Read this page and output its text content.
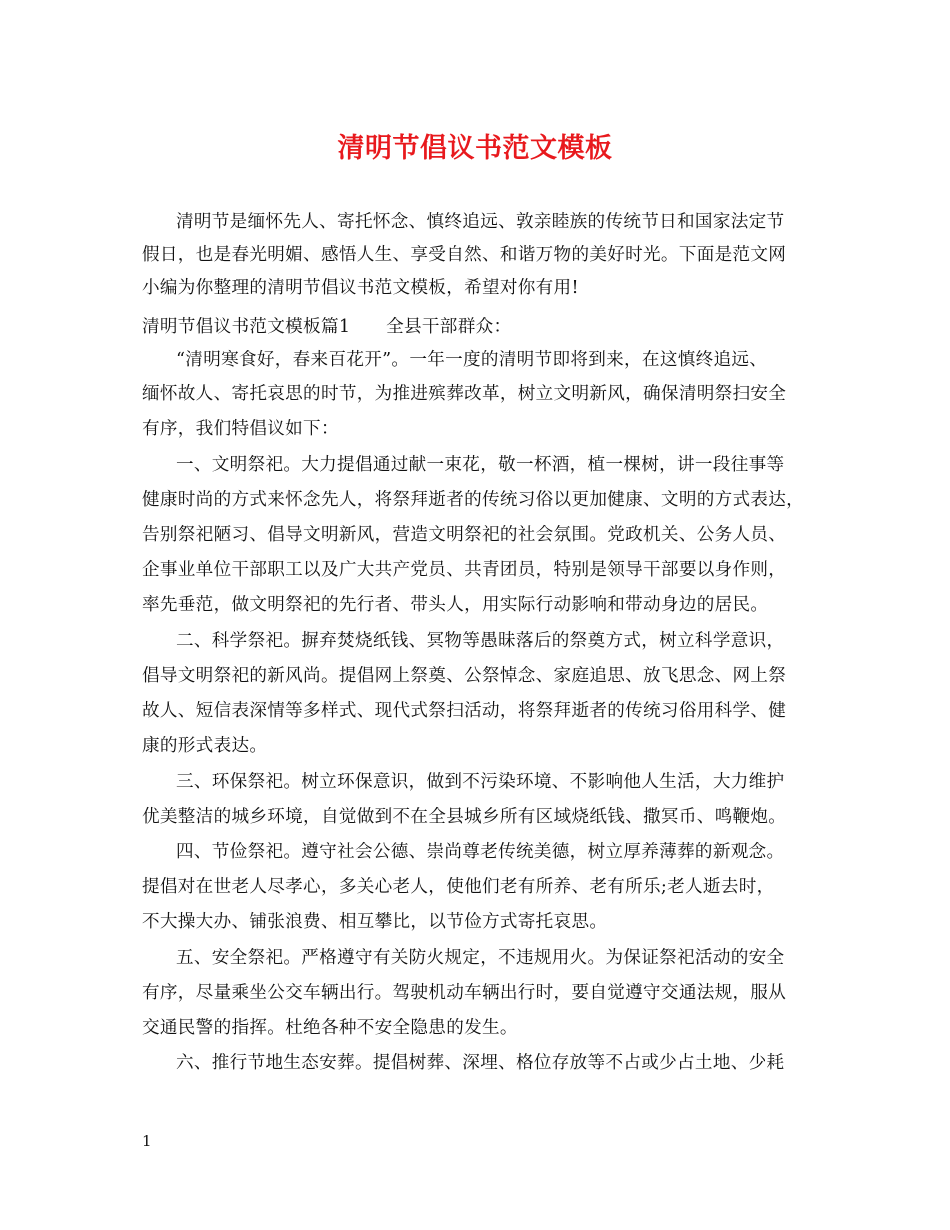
清明节倡议书范文模板
清明节是缅怀先人、寄托怀念、慎终追远、敦亲睦族的传统节日和国家法定节
假日，也是春光明媚、感悟人生、享受自然、和谐万物的美好时光。下面是范文网
小编为你整理的清明节倡议书范文模板，希望对你有用!
清明节倡议书范文模板篇1　　全县干部群众：
“清明寒食好，春来百花开”。一年一度的清明节即将到来，在这慎终追远、
缅怀故人、寄托哀思的时节，为推进殡葬改革，树立文明新风，确保清明祭扫安全
有序，我们特倡议如下：
一、文明祭祀。大力提倡通过献一束花，敬一杯酒，植一棵树，讲一段往事等
健康时尚的方式来怀念先人，将祭拜逝者的传统习俗以更加健康、文明的方式表达，
告别祭祀陋习、倡导文明新风，营造文明祭祀的社会氛围。党政机关、公务人员、
企事业单位干部职工以及广大共产党员、共青团员，特别是领导干部要以身作则，
率先垂范，做文明祭祀的先行者、带头人，用实际行动影响和带动身边的居民。
二、科学祭祀。摒弃焚烧纸钱、冥物等愚昧落后的祭奠方式，树立科学意识，
倡导文明祭祀的新风尚。提倡网上祭奠、公祭悼念、家庭追思、放飞思念、网上祭
故人、短信表深情等多样式、现代式祭扫活动，将祭拜逝者的传统习俗用科学、健
康的形式表达。
三、环保祭祀。树立环保意识，做到不污染环境、不影响他人生活，大力维护
优美整洁的城乡环境，自觉做到不在全县城乡所有区域烧纸钱、撒冥币、鸣鞭炮。
四、节俭祭祀。遵守社会公德、崇尚尊老传统美德，树立厚养薄葬的新观念。
提倡对在世老人尽孝心，多关心老人，使他们老有所养、老有所乐;老人逝去时，
不大操大办、铺张浪费、相互攀比，以节俭方式寄托哀思。
五、安全祭祀。严格遵守有关防火规定，不违规用火。为保证祭祀活动的安全
有序，尽量乘坐公交车辆出行。驾驶机动车辆出行时，要自觉遵守交通法规，服从
交通民警的指挥。杜绝各种不安全隐患的发生。
六、推行节地生态安葬。提倡树葬、深埋、格位存放等不占或少占土地、少耗
1
